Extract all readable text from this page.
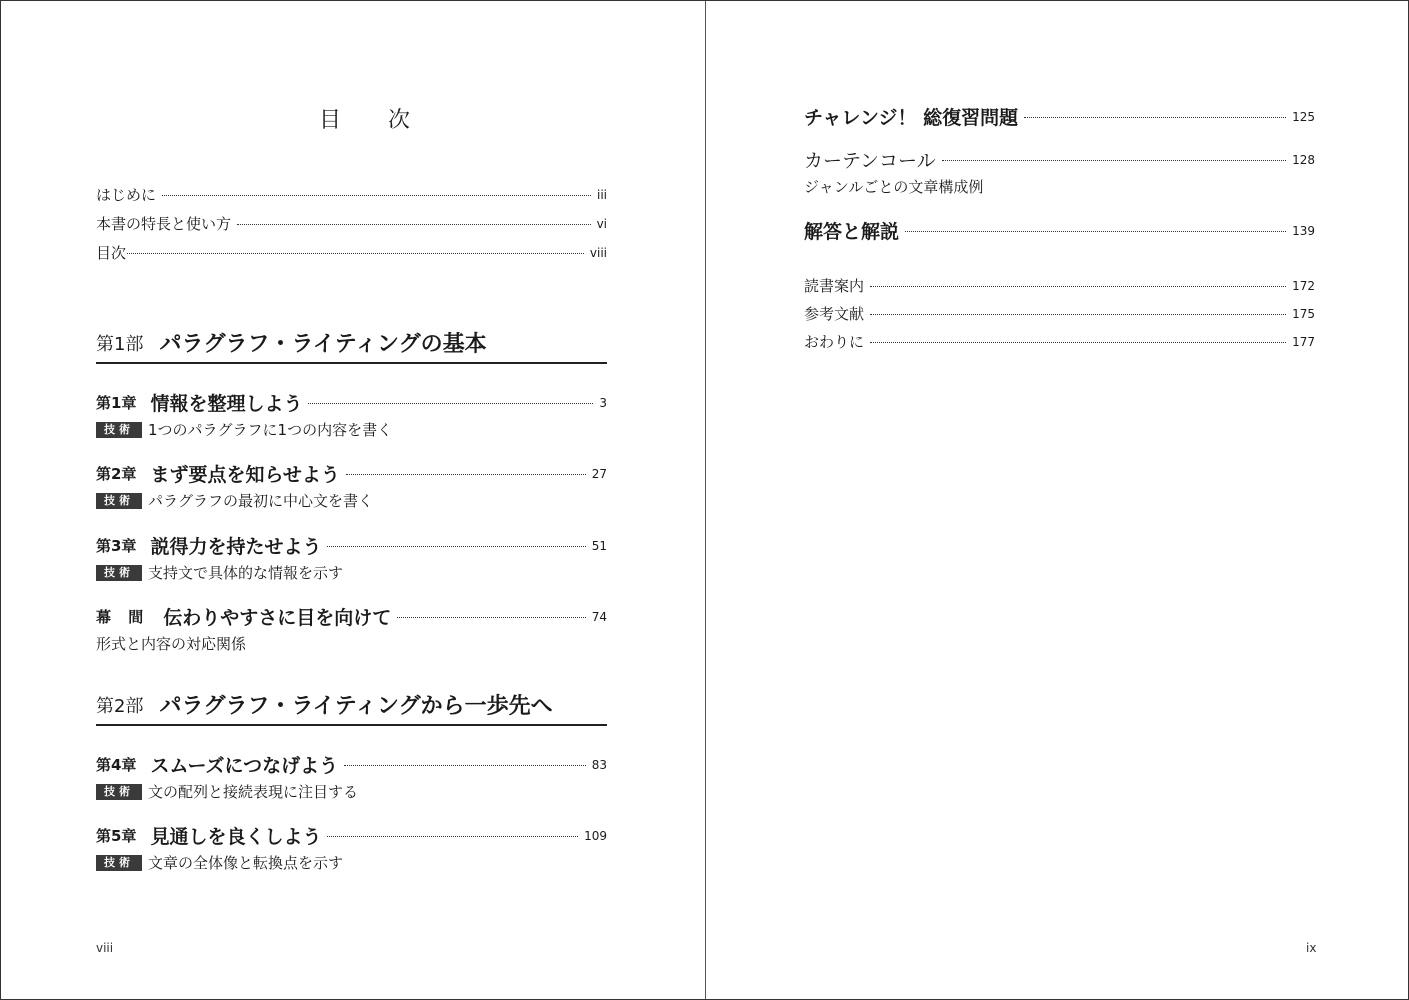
目 次
はじめに	iii
本書の特長と使い方	vi
目次	viii
第1部 パラグラフ・ライティングの基本
第1章 情報を整理しよう	3
技術 1つのパラグラフに1つの内容を書く
第2章 まず要点を知らせよう	27
技術 パラグラフの最初に中心文を書く
第3章 説得力を持たせよう	51
技術 支持文で具体的な情報を示す
幕 間 伝わりやすさに目を向けて	74
形式と内容の対応関係
第2部 パラグラフ・ライティングから一歩先へ
第4章 スムーズにつなげよう	83
技術 文の配列と接続表現に注目する
第5章 見通しを良くしよう	109
技術 文章の全体像と転換点を示す
viii
チャレンジ！ 総復習問題	125
カーテンコール	128
ジャンルごとの文章構成例
解答と解説	139
読書案内	172
参考文献	175
おわりに	177
ix
